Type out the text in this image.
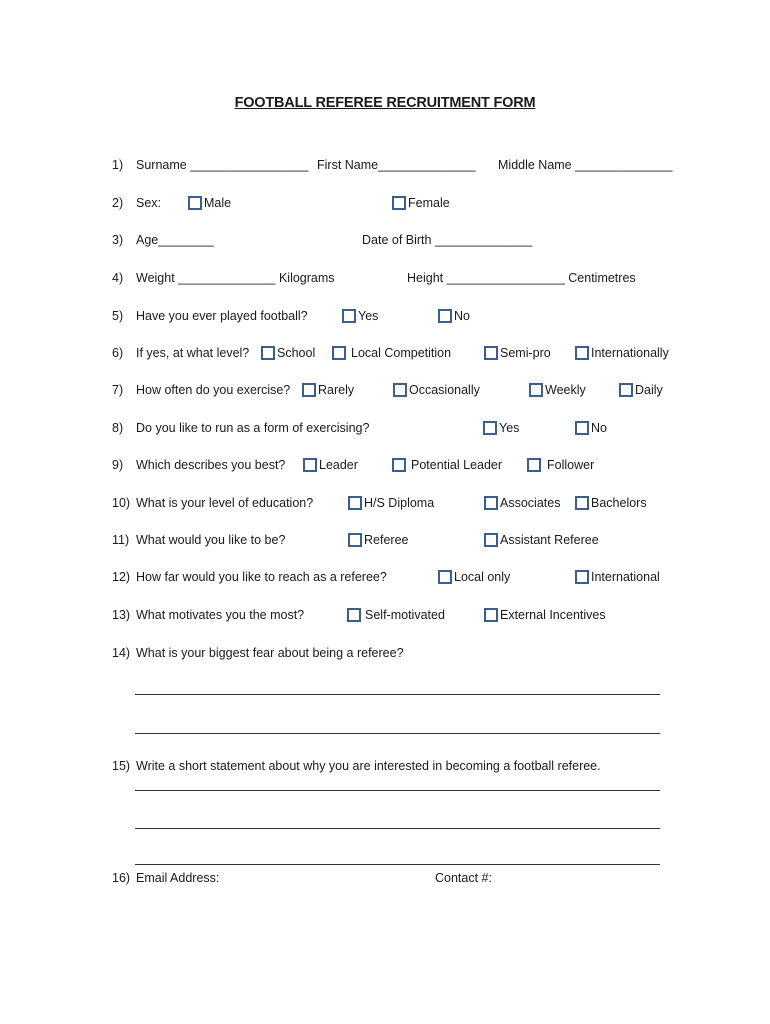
FOOTBALL REFEREE RECRUITMENT FORM
1) Surname _________________ First Name______________ Middle Name ______________
2) Sex:	Male	Female
3) Age________	Date of Birth ______________
4) Weight ______________ Kilograms	Height _________________ Centimetres
5) Have you ever played football?	Yes	No
6) If yes, at what level? School	Local Competition	Semi-pro	Internationally
7) How often do you exercise? Rarely	Occasionally	Weekly	Daily
8) Do you like to run as a form of exercising?	Yes	No
9) Which describes you best?	Leader	Potential Leader	Follower
10) What is your level of education?	H/S Diploma	Associates Bachelors
11) What would you like to be?	Referee	Assistant Referee
12) How far would you like to reach as a referee?	Local only	International
13) What motivates you the most?	Self-motivated	External Incentives
14) What is your biggest fear about being a referee?
15) Write a short statement about why you are interested in becoming a football referee.
16) Email Address:	Contact #:
